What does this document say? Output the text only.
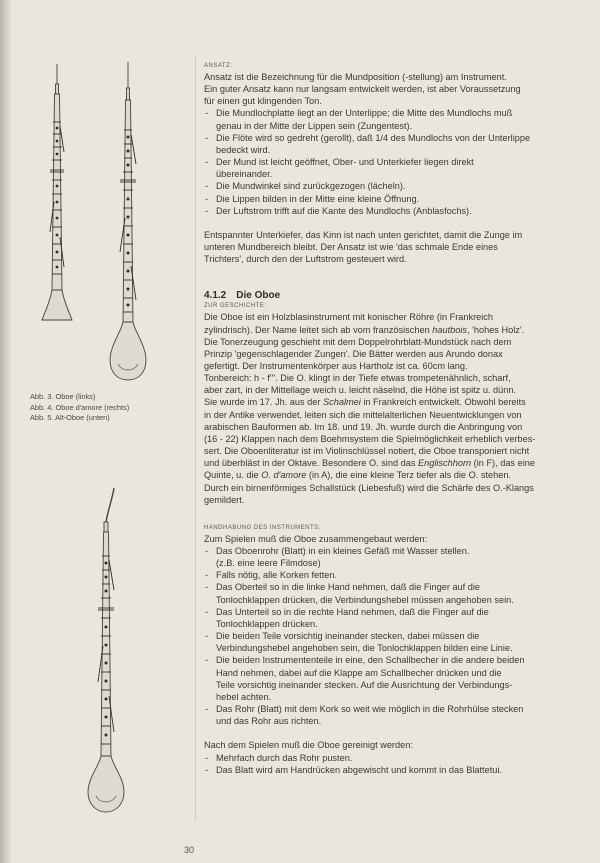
Abb. 3. Oboe (links)
Abb. 4. Oboe d'amore (rechts)
Abb. 5. Alt-Oboe (unten)
ANSATZ:

Ansatz ist die Bezeichnung für die Mundposition (-stellung) am Instrument.

Ein guter Ansatz kann nur langsam entwickelt werden, ist aber Voraussetzung

für einen gut klingenden Ton.

- Die Mundlochplatte liegt an der Unterlippe; die Mitte des Mundlochs muß
genau in der Mitte der Lippen sein (Zungentest).
- Die Flöte wird so gedreht (gerollt), daß 1/4 des Mundlochs von der Unterlippe
bedeckt wird.
- Der Mund ist leicht geöffnet, Ober- und Unterkiefer liegen direkt
übereinander.
- Die Mundwinkel sind zurückgezogen (lächeln).
- Die Lippen bilden in der Mitte eine kleine Öffnung.
- Der Luftstrom trifft auf die Kante des Mundlochs (Anblasfochs).

Entspannter Unterkiefer, das Kinn ist nach unten gerichtet, damit die Zunge im

unteren Mundbereich bleibt. Der Ansatz ist wie 'das schmale Ende eines

Trichters', durch den der Luftstrom gesteuert wird.

4.1.2 Die Oboe
ZUR GESCHICHTE:

Die Oboe ist ein Holzblasinstrument mit konischer Röhre (in Frankreich

zylindrisch). Der Name leitet sich ab vom französischen hautbois, 'hohes Holz'.

Die Tonerzeugung geschieht mit dem Doppelrohrblatt-Mundstück nach dem

Prinzip 'gegenschlagender Zungen'. Die Bätter werden aus Arundo donax

gefertigt. Der Instrumentenkörper aus Hartholz ist ca. 60cm lang.

Tonbereich: h - f'''. Die O. klingt in der Tiefe etwas trompetenähnlich, scharf,

aber zart, in der Mittellage weich u. leicht näselnd, die Höhe ist spitz u. dünn.

Sie wurde im 17. Jh. aus der Schalmei in Frankreich entwickelt. Obwohl bereits

in der Antike verwendet, leiten sich die mittelalterlichen Neuentwicklungen von

arabischen Bauformen ab. Im 18. und 19. Jh. wurde durch die Anbringung von

(16 - 22) Klappen nach dem Boehmsystem die Spielmöglichkeit erheblich verbes-

sert. Die Oboenliteratur ist im Violinschlüssel notiert, die Oboe transponiert nicht

und überbläst in der Oktave. Besondere O. sind das Englischhorn (in F), das eine

Quinte, u. die O. d'amore (in A), die eine kleine Terz tiefer als die O. stehen.

Durch ein birnenförmiges Schallstück (Liebesfuß) wird die Schärfe des O.-Klangs

gemildert.

HANDHABUNG DES INSTRUMENTS:

Zum Spielen muß die Oboe zusammengebaut werden:

- Das Oboenrohr (Blatt) in ein kleines Gefäß mit Wasser stellen.
(z.B. eine leere Filmdose)
- Falls nötig, alle Korken fetten.
- Das Oberteil so in die linke Hand nehmen, daß die Finger auf die
Tonlochklappen drücken, die Verbindungshebel müssen angehoben sein.
- Das Unterteil so in die rechte Hand nehmen, daß die Finger auf die
Tonlochklappen drücken.
- Die beiden Teile vorsichtig ineinander stecken, dabei müssen die
Verbindungshebel angehoben sein, die Tonlochklappen bilden eine Linie.
- Die beiden Instrumententeile in eine, den Schallbecher in die andere beiden
Hand nehmen, dabei auf die Klappe am Schallbecher drücken und die
Teile vorsichtig ineinander stecken. Auf die Ausrichtung der Verbindungs-
hebel achten.
- Das Rohr (Blatt) mit dem Kork so weit wie möglich in die Rohrhülse stecken
und das Rohr aus richten.

Nach dem Spielen muß die Oboe gereinigt werden:

- Mehrfach durch das Rohr pusten.
- Das Blatt wird am Handrücken abgewischt und kommt in das Blattetui.
30
